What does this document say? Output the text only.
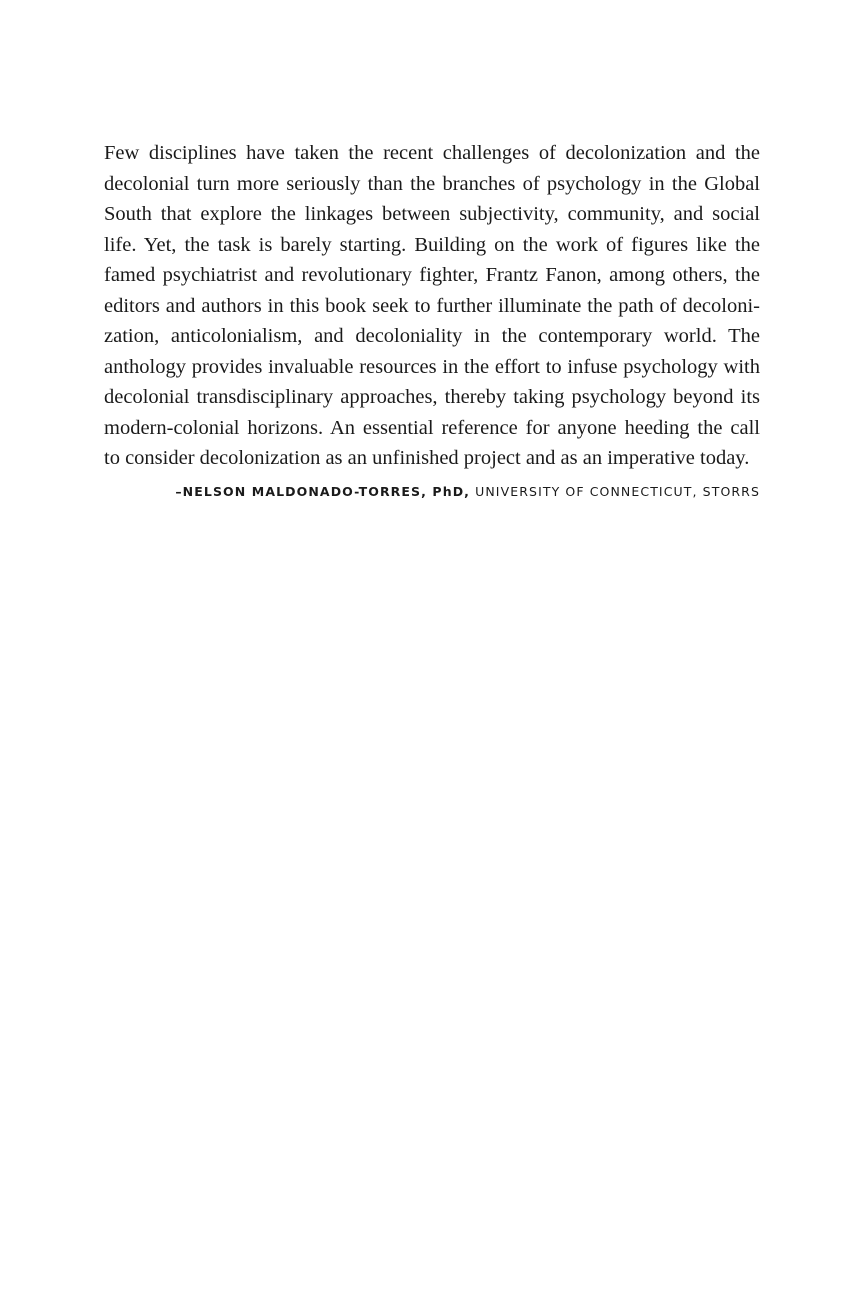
Few disciplines have taken the recent challenges of decolonization and the
decolonial turn more seriously than the branches of psychology in the Global
South that explore the linkages between subjectivity, community, and social
life. Yet, the task is barely starting. Building on the work of figures like the
famed psychiatrist and revolutionary fighter, Frantz Fanon, among others, the
editors and authors in this book seek to further illuminate the path of decoloni-
zation, anticolonialism, and decoloniality in the contemporary world. The
anthology provides invaluable resources in the effort to infuse psychology with
decolonial transdisciplinary approaches, thereby taking psychology beyond its
modern-colonial horizons. An essential reference for anyone heeding the call
to consider decolonization as an unfinished project and as an imperative today.
–NELSON MALDONADO-TORRES, PhD, UNIVERSITY OF CONNECTICUT, STORRS
